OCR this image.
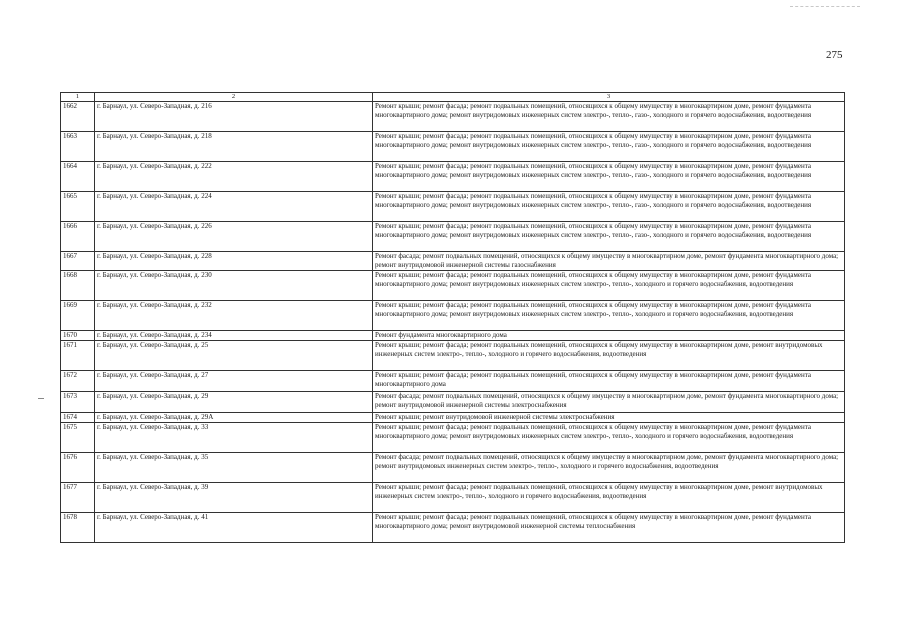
275
1	2	3
1662	г. Барнаул, ул. Северо-Западная, д. 216	Ремонт крыши; ремонт фасада; ремонт подвальных помещений, относящихся к общему имуществу в многоквартирном доме, ремонт фундамента многоквартирного дома; ремонт внутридомовых инженерных систем электро-, тепло-, газо-, холодного и горячего водоснабжения, водоотведения
1663	г. Барнаул, ул. Северо-Западная, д. 218	Ремонт крыши; ремонт фасада; ремонт подвальных помещений, относящихся к общему имуществу в многоквартирном доме, ремонт фундамента многоквартирного дома; ремонт внутридомовых инженерных систем электро-, тепло-, газо-, холодного и горячего водоснабжения, водоотведения
1664	г. Барнаул, ул. Северо-Западная, д. 222	Ремонт крыши; ремонт фасада; ремонт подвальных помещений, относящихся к общему имуществу в многоквартирном доме, ремонт фундамента многоквартирного дома; ремонт внутридомовых инженерных систем электро-, тепло-, газо-, холодного и горячего водоснабжения, водоотведения
1665	г. Барнаул, ул. Северо-Западная, д. 224	Ремонт крыши; ремонт фасада; ремонт подвальных помещений, относящихся к общему имуществу в многоквартирном доме, ремонт фундамента многоквартирного дома; ремонт внутридомовых инженерных систем электро-, тепло-, газо-, холодного и горячего водоснабжения, водоотведения
1666	г. Барнаул, ул. Северо-Западная, д. 226	Ремонт крыши; ремонт фасада; ремонт подвальных помещений, относящихся к общему имуществу в многоквартирном доме, ремонт фундамента многоквартирного дома; ремонт внутридомовых инженерных систем электро-, тепло-, газо-, холодного и горячего водоснабжения, водоотведения
1667	г. Барнаул, ул. Северо-Западная, д. 228	Ремонт фасада; ремонт подвальных помещений, относящихся к общему имуществу в многоквартирном доме, ремонт фундамента многоквартирного дома; ремонт внутридомовой инженерной системы газоснабжения
1668	г. Барнаул, ул. Северо-Западная, д. 230	Ремонт крыши; ремонт фасада; ремонт подвальных помещений, относящихся к общему имуществу в многоквартирном доме, ремонт фундамента многоквартирного дома; ремонт внутридомовых инженерных систем электро-, тепло-, холодного и горячего водоснабжения, водоотведения
1669	г. Барнаул, ул. Северо-Западная, д. 232	Ремонт крыши; ремонт фасада; ремонт подвальных помещений, относящихся к общему имуществу в многоквартирном доме, ремонт фундамента многоквартирного дома; ремонт внутридомовых инженерных систем электро-, тепло-, холодного и горячего водоснабжения, водоотведения
1670	г. Барнаул, ул. Северо-Западная, д. 234	Ремонт фундамента многоквартирного дома
1671	г. Барнаул, ул. Северо-Западная, д. 25	Ремонт крыши; ремонт фасада; ремонт подвальных помещений, относящихся к общему имуществу в многоквартирном доме, ремонт внутридомовых инженерных систем электро-, тепло-, холодного и горячего водоснабжения, водоотведения
1672	г. Барнаул, ул. Северо-Западная, д. 27	Ремонт крыши; ремонт фасада; ремонт подвальных помещений, относящихся к общему имуществу в многоквартирном доме, ремонт фундамента многоквартирного дома
1673	г. Барнаул, ул. Северо-Западная, д. 29	Ремонт фасада; ремонт подвальных помещений, относящихся к общему имуществу в многоквартирном доме, ремонт фундамента многоквартирного дома; ремонт внутридомовой инженерной системы электроснабжения
1674	г. Барнаул, ул. Северо-Западная, д. 29А	Ремонт крыши; ремонт внутридомовой инженерной системы электроснабжения
1675	г. Барнаул, ул. Северо-Западная, д. 33	Ремонт крыши; ремонт фасада; ремонт подвальных помещений, относящихся к общему имуществу в многоквартирном доме, ремонт фундамента многоквартирного дома; ремонт внутридомовых инженерных систем электро-, тепло-, холодного и горячего водоснабжения, водоотведения
1676	г. Барнаул, ул. Северо-Западная, д. 35	Ремонт фасада; ремонт подвальных помещений, относящихся к общему имуществу в многоквартирном доме, ремонт фундамента многоквартирного дома; ремонт внутридомовых инженерных систем электро-, тепло-, холодного и горячего водоснабжения, водоотведения
1677	г. Барнаул, ул. Северо-Западная, д. 39	Ремонт крыши; ремонт фасада; ремонт подвальных помещений, относящихся к общему имуществу в многоквартирном доме, ремонт внутридомовых инженерных систем электро-, тепло-, холодного и горячего водоснабжения, водоотведения
1678	г. Барнаул, ул. Северо-Западная, д. 41	Ремонт крыши; ремонт фасада; ремонт подвальных помещений, относящихся к общему имуществу в многоквартирном доме, ремонт фундамента многоквартирного дома; ремонт внутридомовой инженерной системы теплоснабжения
